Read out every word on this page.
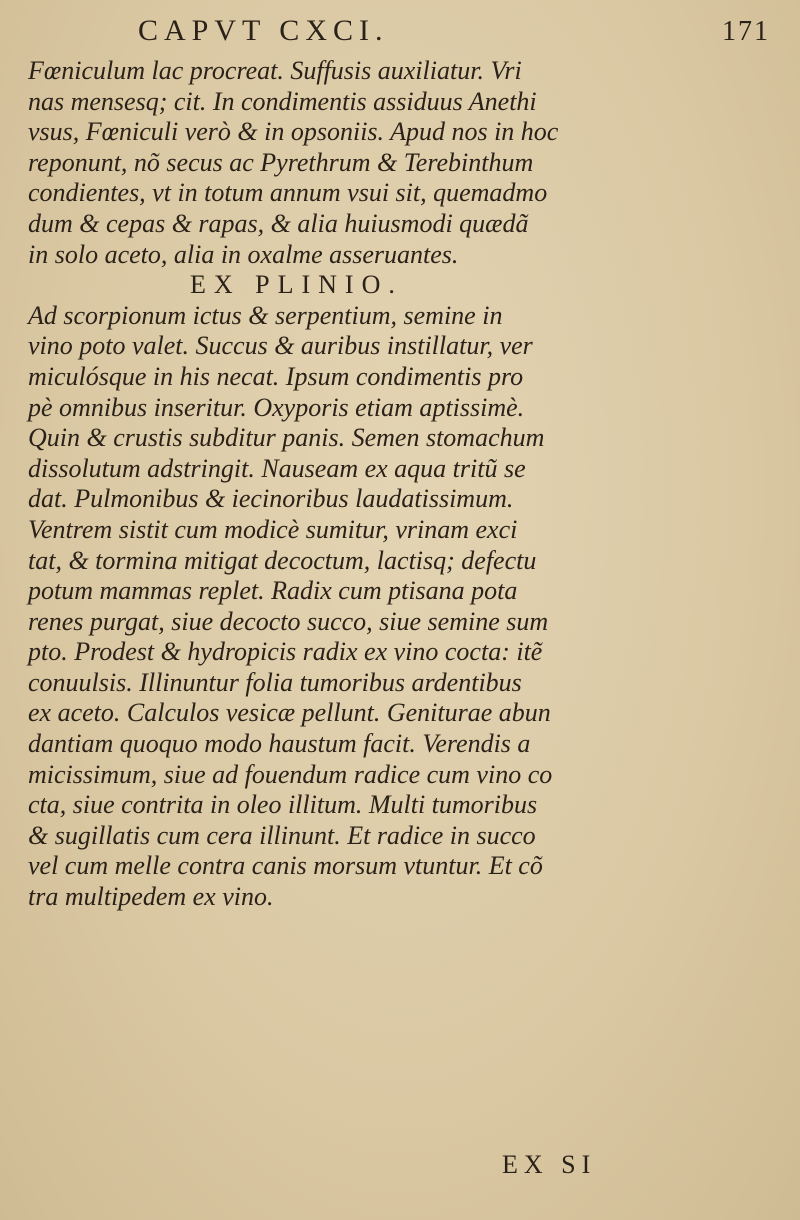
CAPVT CXCI.	171
Fœniculum lac procreat. Suffusis auxiliatur. Vri
nas mensesq; cit. In condimentis assiduus Anethi
vsus, Fœniculi verò & in opsoniis. Apud nos in hoc
reponunt, nõ secus ac Pyrethrum & Terebinthum
condientes, vt in totum annum vsui sit, quemadmo
dum & cepas & rapas, & alia huiusmodi quædã
in solo aceto, alia in oxalme asseruantes.
EX PLINIO.
Ad scorpionum ictus & serpentium, semine in
vino poto valet. Succus & auribus instillatur, ver
miculósque in his necat. Ipsum condimentis pro
pè omnibus inseritur. Oxyporis etiam aptissimè.
Quin & crustis subditur panis. Semen stomachum
dissolutum adstringit. Nauseam ex aqua tritũ se
dat. Pulmonibus & iecinoribus laudatissimum.
Ventrem sistit cum modicè sumitur, vrinam exci
tat, & tormina mitigat decoctum, lactisq; defectu
potum mammas replet. Radix cum ptisana pota
renes purgat, siue decocto succo, siue semine sum
pto. Prodest & hydropicis radix ex vino cocta: itẽ
conuulsis. Illinuntur folia tumoribus ardentibus
ex aceto. Calculos vesicæ pellunt. Geniturae abun
dantiam quoquo modo haustum facit. Verendis a
micissimum, siue ad fouendum radice cum vino co
cta, siue contrita in oleo illitum. Multi tumoribus
& sugillatis cum cera illinunt. Et radice in succo
vel cum melle contra canis morsum vtuntur. Et cõ
tra multipedem ex vino.
EX SI
